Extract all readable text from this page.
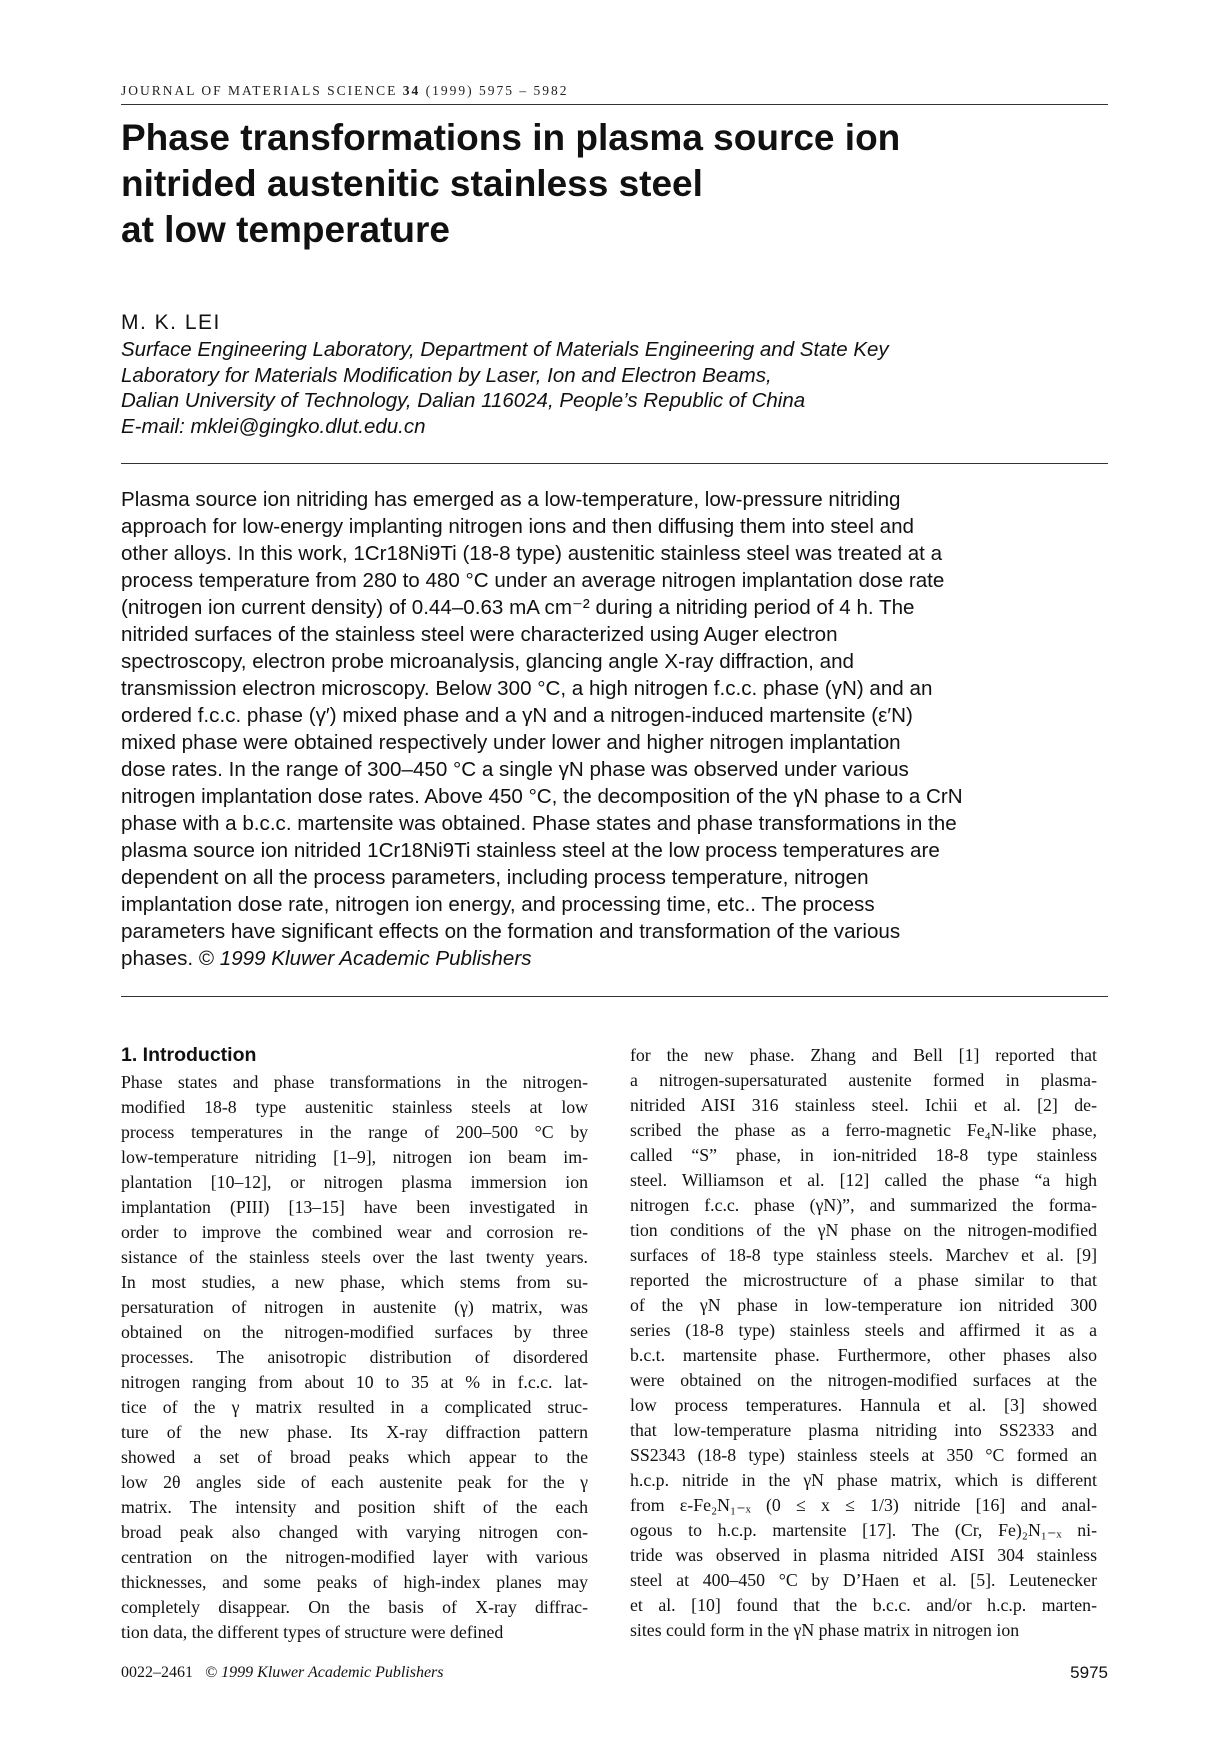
JOURNAL OF MATERIALS SCIENCE 34 (1999) 5975 – 5982
Phase transformations in plasma source ion
nitrided austenitic stainless steel
at low temperature
M. K. LEI
Surface Engineering Laboratory, Department of Materials Engineering and State Key
Laboratory for Materials Modification by Laser, Ion and Electron Beams,
Dalian University of Technology, Dalian 116024, People’s Republic of China
E-mail: mklei@gingko.dlut.edu.cn
Plasma source ion nitriding has emerged as a low-temperature, low-pressure nitriding
approach for low-energy implanting nitrogen ions and then diffusing them into steel and
other alloys. In this work, 1Cr18Ni9Ti (18-8 type) austenitic stainless steel was treated at a
process temperature from 280 to 480 °C under an average nitrogen implantation dose rate
(nitrogen ion current density) of 0.44–0.63 mA cm⁻² during a nitriding period of 4 h. The
nitrided surfaces of the stainless steel were characterized using Auger electron
spectroscopy, electron probe microanalysis, glancing angle X-ray diffraction, and
transmission electron microscopy. Below 300 °C, a high nitrogen f.c.c. phase (γN) and an
ordered f.c.c. phase (γ′) mixed phase and a γN and a nitrogen-induced martensite (ε′N)
mixed phase were obtained respectively under lower and higher nitrogen implantation
dose rates. In the range of 300–450 °C a single γN phase was observed under various
nitrogen implantation dose rates. Above 450 °C, the decomposition of the γN phase to a CrN
phase with a b.c.c. martensite was obtained. Phase states and phase transformations in the
plasma source ion nitrided 1Cr18Ni9Ti stainless steel at the low process temperatures are
dependent on all the process parameters, including process temperature, nitrogen
implantation dose rate, nitrogen ion energy, and processing time, etc.. The process
parameters have significant effects on the formation and transformation of the various
phases. © 1999 Kluwer Academic Publishers
1. Introduction
Phase states and phase transformations in the nitrogen-
modified 18-8 type austenitic stainless steels at low
process temperatures in the range of 200–500 °C by
low-temperature nitriding [1–9], nitrogen ion beam im-
plantation [10–12], or nitrogen plasma immersion ion
implantation (PIII) [13–15] have been investigated in
order to improve the combined wear and corrosion re-
sistance of the stainless steels over the last twenty years.
In most studies, a new phase, which stems from su-
persaturation of nitrogen in austenite (γ) matrix, was
obtained on the nitrogen-modified surfaces by three
processes. The anisotropic distribution of disordered
nitrogen ranging from about 10 to 35 at % in f.c.c. lat-
tice of the γ matrix resulted in a complicated struc-
ture of the new phase. Its X-ray diffraction pattern
showed a set of broad peaks which appear to the
low 2θ angles side of each austenite peak for the γ
matrix. The intensity and position shift of the each
broad peak also changed with varying nitrogen con-
centration on the nitrogen-modified layer with various
thicknesses, and some peaks of high-index planes may
completely disappear. On the basis of X-ray diffrac-
tion data, the different types of structure were defined
for the new phase. Zhang and Bell [1] reported that
a nitrogen-supersaturated austenite formed in plasma-
nitrided AISI 316 stainless steel. Ichii et al. [2] de-
scribed the phase as a ferro-magnetic Fe₄N-like phase,
called “S” phase, in ion-nitrided 18-8 type stainless
steel. Williamson et al. [12] called the phase “a high
nitrogen f.c.c. phase (γN)”, and summarized the forma-
tion conditions of the γN phase on the nitrogen-modified
surfaces of 18-8 type stainless steels. Marchev et al. [9]
reported the microstructure of a phase similar to that
of the γN phase in low-temperature ion nitrided 300
series (18-8 type) stainless steels and affirmed it as a
b.c.t. martensite phase. Furthermore, other phases also
were obtained on the nitrogen-modified surfaces at the
low process temperatures. Hannula et al. [3] showed
that low-temperature plasma nitriding into SS2333 and
SS2343 (18-8 type) stainless steels at 350 °C formed an
h.c.p. nitride in the γN phase matrix, which is different
from ε-Fe₂N₁₋ₓ (0 ≤ x ≤ 1/3) nitride [16] and anal-
ogous to h.c.p. martensite [17]. The (Cr, Fe)₂N₁₋ₓ ni-
tride was observed in plasma nitrided AISI 304 stainless
steel at 400–450 °C by D’Haen et al. [5]. Leutenecker
et al. [10] found that the b.c.c. and/or h.c.p. marten-
sites could form in the γN phase matrix in nitrogen ion
0022–2461 © 1999 Kluwer Academic Publishers	5975
